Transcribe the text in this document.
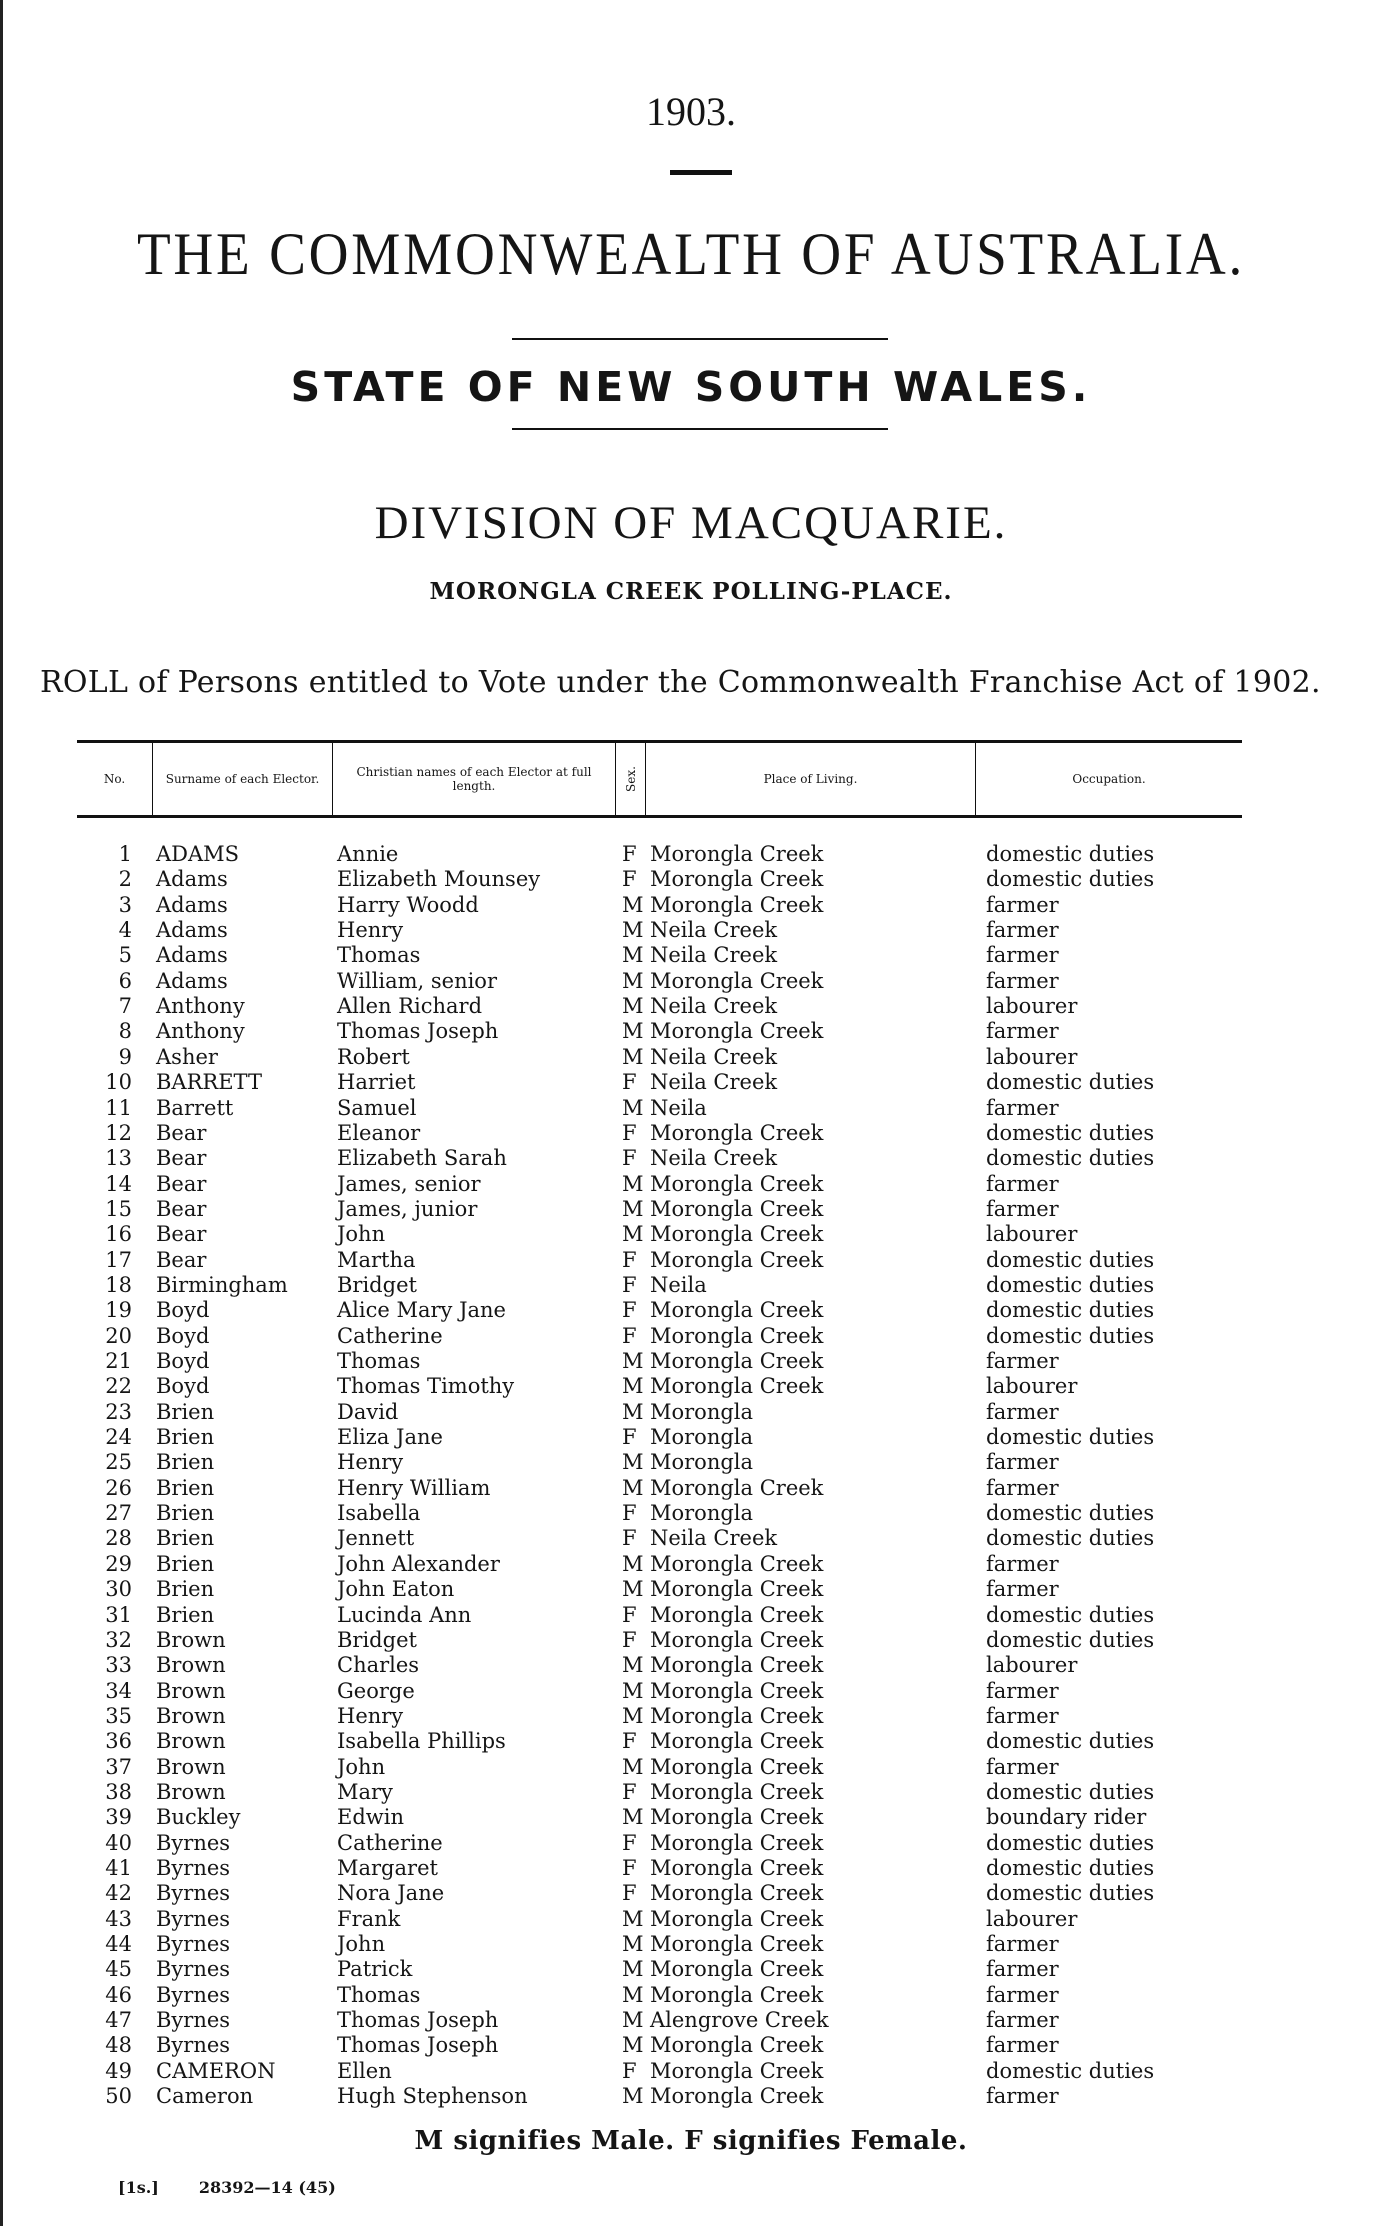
1903.
THE COMMONWEALTH OF AUSTRALIA.
STATE OF NEW SOUTH WALES.
DIVISION OF MACQUARIE.
MORONGLA CREEK POLLING-PLACE.
ROLL of Persons entitled to Vote under the Commonwealth Franchise Act of 1902.
No.	Surname of each Elector.	Christian names of each Elector at full length.	Sex.	Place of Living.	Occupation.
1 ADAMS	Annie	F Morongla Creek	domestic duties
2 Adams	Elizabeth Mounsey	F Morongla Creek	domestic duties
3 Adams	Harry Woodd	M Morongla Creek	farmer
4 Adams	Henry	M Neila Creek	farmer
5 Adams	Thomas	M Neila Creek	farmer
6 Adams	William, senior	M Morongla Creek	farmer
7 Anthony	Allen Richard	M Neila Creek	labourer
8 Anthony	Thomas Joseph	M Morongla Creek	farmer
9 Asher	Robert	M Neila Creek	labourer
10 BARRETT	Harriet	F Neila Creek	domestic duties
11 Barrett	Samuel	M Neila	farmer
12 Bear	Eleanor	F Morongla Creek	domestic duties
13 Bear	Elizabeth Sarah	F Neila Creek	domestic duties
14 Bear	James, senior	M Morongla Creek	farmer
15 Bear	James, junior	M Morongla Creek	farmer
16 Bear	John	M Morongla Creek	labourer
17 Bear	Martha	F Morongla Creek	domestic duties
18 Birmingham Bridget	F Neila	domestic duties
19 Boyd	Alice Mary Jane	F Morongla Creek	domestic duties
20 Boyd	Catherine	F Morongla Creek	domestic duties
21 Boyd	Thomas	M Morongla Creek	farmer
22 Boyd	Thomas Timothy	M Morongla Creek	labourer
23 Brien	David	M Morongla	farmer
24 Brien	Eliza Jane	F Morongla	domestic duties
25 Brien	Henry	M Morongla	farmer
26 Brien	Henry William	M Morongla Creek	farmer
27 Brien	Isabella	F Morongla	domestic duties
28 Brien	Jennett	F Neila Creek	domestic duties
29 Brien	John Alexander	M Morongla Creek	farmer
30 Brien	John Eaton	M Morongla Creek	farmer
31 Brien	Lucinda Ann	F Morongla Creek	domestic duties
32 Brown	Bridget	F Morongla Creek	domestic duties
33 Brown	Charles	M Morongla Creek	labourer
34 Brown	George	M Morongla Creek	farmer
35 Brown	Henry	M Morongla Creek	farmer
36 Brown	Isabella Phillips	F Morongla Creek	domestic duties
37 Brown	John	M Morongla Creek	farmer
38 Brown	Mary	F Morongla Creek	domestic duties
39 Buckley	Edwin	M Morongla Creek	boundary rider
40 Byrnes	Catherine	F Morongla Creek	domestic duties
41 Byrnes	Margaret	F Morongla Creek	domestic duties
42 Byrnes	Nora Jane	F Morongla Creek	domestic duties
43 Byrnes	Frank	M Morongla Creek	labourer
44 Byrnes	John	M Morongla Creek	farmer
45 Byrnes	Patrick	M Morongla Creek	farmer
46 Byrnes	Thomas	M Morongla Creek	farmer
47 Byrnes	Thomas Joseph	M Alengrove Creek	farmer
48 Byrnes	Thomas Joseph	M Morongla Creek	farmer
49 CAMERON	Ellen	F Morongla Creek	domestic duties
50 Cameron	Hugh Stephenson	M Morongla Creek	farmer
M signifies Male. F signifies Female.
[1s.]	28392—14 (45)
